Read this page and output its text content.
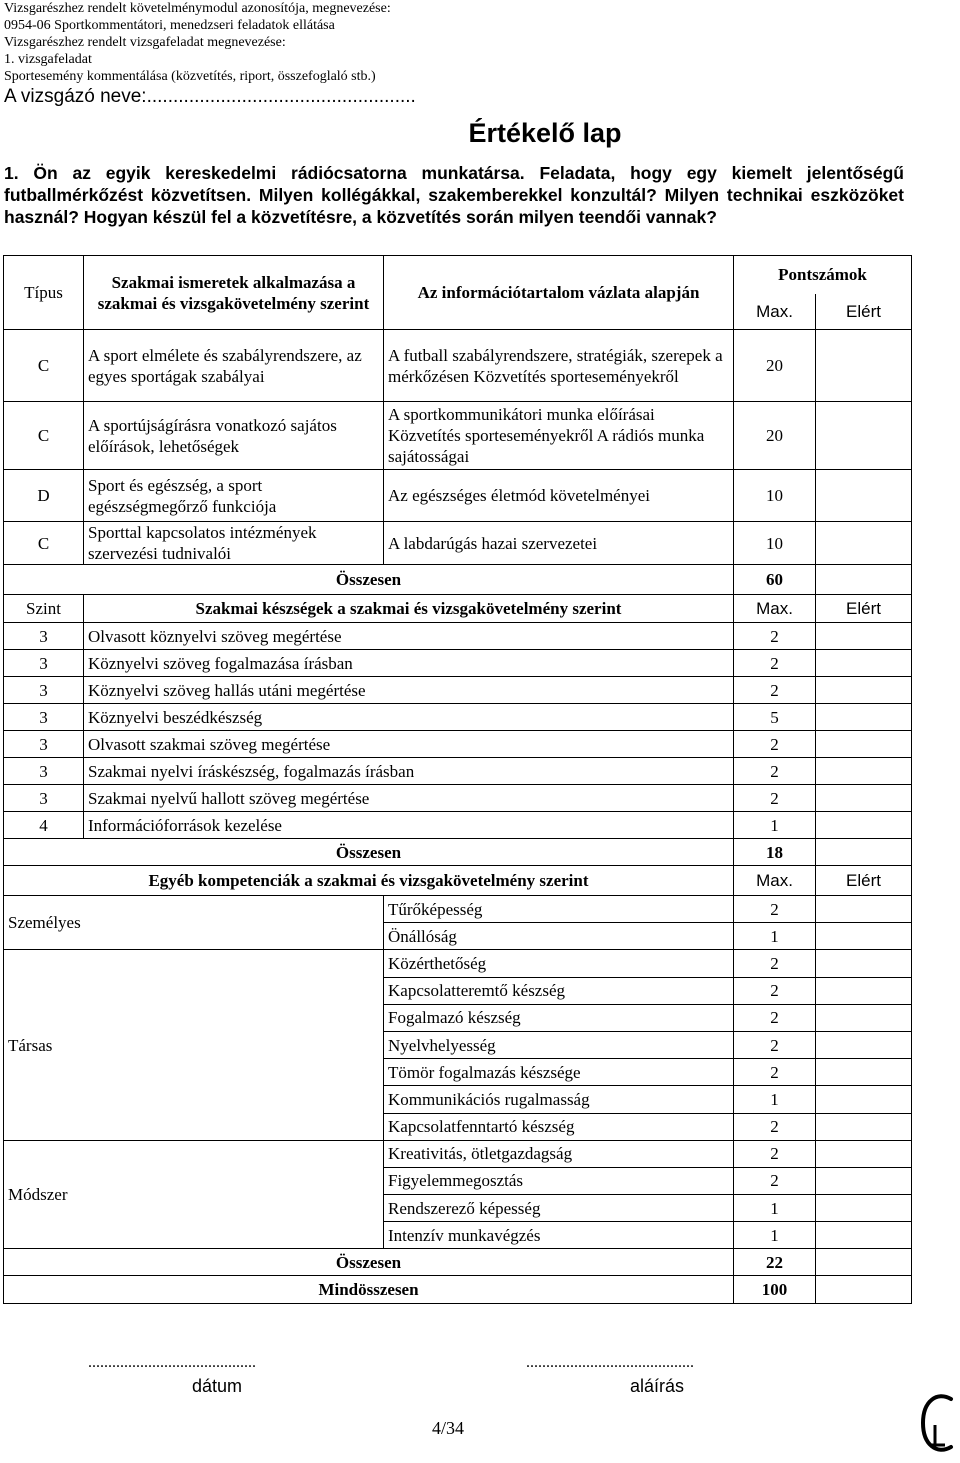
Vizsgarészhez rendelt követelménymodul azonosítója, megnevezése:
0954-06 Sportkommentátori, menedzseri feladatok ellátása
Vizsgarészhez rendelt vizsgafeladat megnevezése:
1. vizsgafeladat
Sportesemény kommentálása (közvetítés, riport, összefoglaló stb.)
A vizsgázó neve:...................................................
Értékelő lap
1. Ön az egyik kereskedelmi rádiócsatorna munkatársa. Feladata, hogy egy kiemelt jelentőségű futballmérkőzést közvetítsen. Milyen kollégákkal, szakemberekkel konzultál? Milyen technikai eszközöket használ? Hogyan készül fel a közvetítésre, a közvetítés során milyen teendői vannak?
Típus	Szakmai ismeretek alkalmazása a szakmai és vizsgakövetelmény szerint	Az információtartalom vázlata alapján	Pontszámok	
			Max.	Elért
C	A sport elmélete és szabályrendszere, az egyes sportágak szabályai	A futball szabályrendszere, stratégiák, szerepek a mérkőzésen Közvetítés sporteseményekről	20	
C	A sportújságírásra vonatkozó sajátos előírások, lehetőségek	A sportkommunikátori munka előírásai Közvetítés sporteseményekről A rádiós munka sajátosságai	20	
D	Sport és egészség, a sport egészségmegőrző funkciója	Az egészséges életmód követelményei	10	
C	Sporttal kapcsolatos intézmények szervezési tudnivalói	A labdarúgás hazai szervezetei	10	
Összesen			60	
Szint	Szakmai készségek a szakmai és vizsgakövetelmény szerint		Max.	Elért
3	Olvasott köznyelvi szöveg megértése		2	
3	Köznyelvi szöveg fogalmazása írásban		2	
3	Köznyelvi szöveg hallás utáni megértése		2	
3	Köznyelvi beszédkészség		5	
3	Olvasott szakmai szöveg megértése		2	
3	Szakmai nyelvi íráskészség, fogalmazás írásban		2	
3	Szakmai nyelvű hallott szöveg megértése		2	
4	Információforrások kezelése		1	
Összesen			18	
Egyéb kompetenciák a szakmai és vizsgakövetelmény szerint			Max.	Elért
Személyes		Tűrőképesség	2	
		Önállóság	1	
Társas		Közérthetőség	2	
		Kapcsolatteremtő készség	2	
		Fogalmazó készség	2	
		Nyelvhelyesség	2	
		Tömör fogalmazás készsége	2	
		Kommunikációs rugalmasság	1	
		Kapcsolatfenntartó készség	2	
Módszer		Kreativitás, ötletgazdagság	2	
		Figyelemmegosztás	2	
		Rendszerező képesség	1	
		Intenzív munkavégzés	1	
Összesen			22	
Mindösszesen			100	
..........................................	..........................................
dátum	aláírás
4/34
